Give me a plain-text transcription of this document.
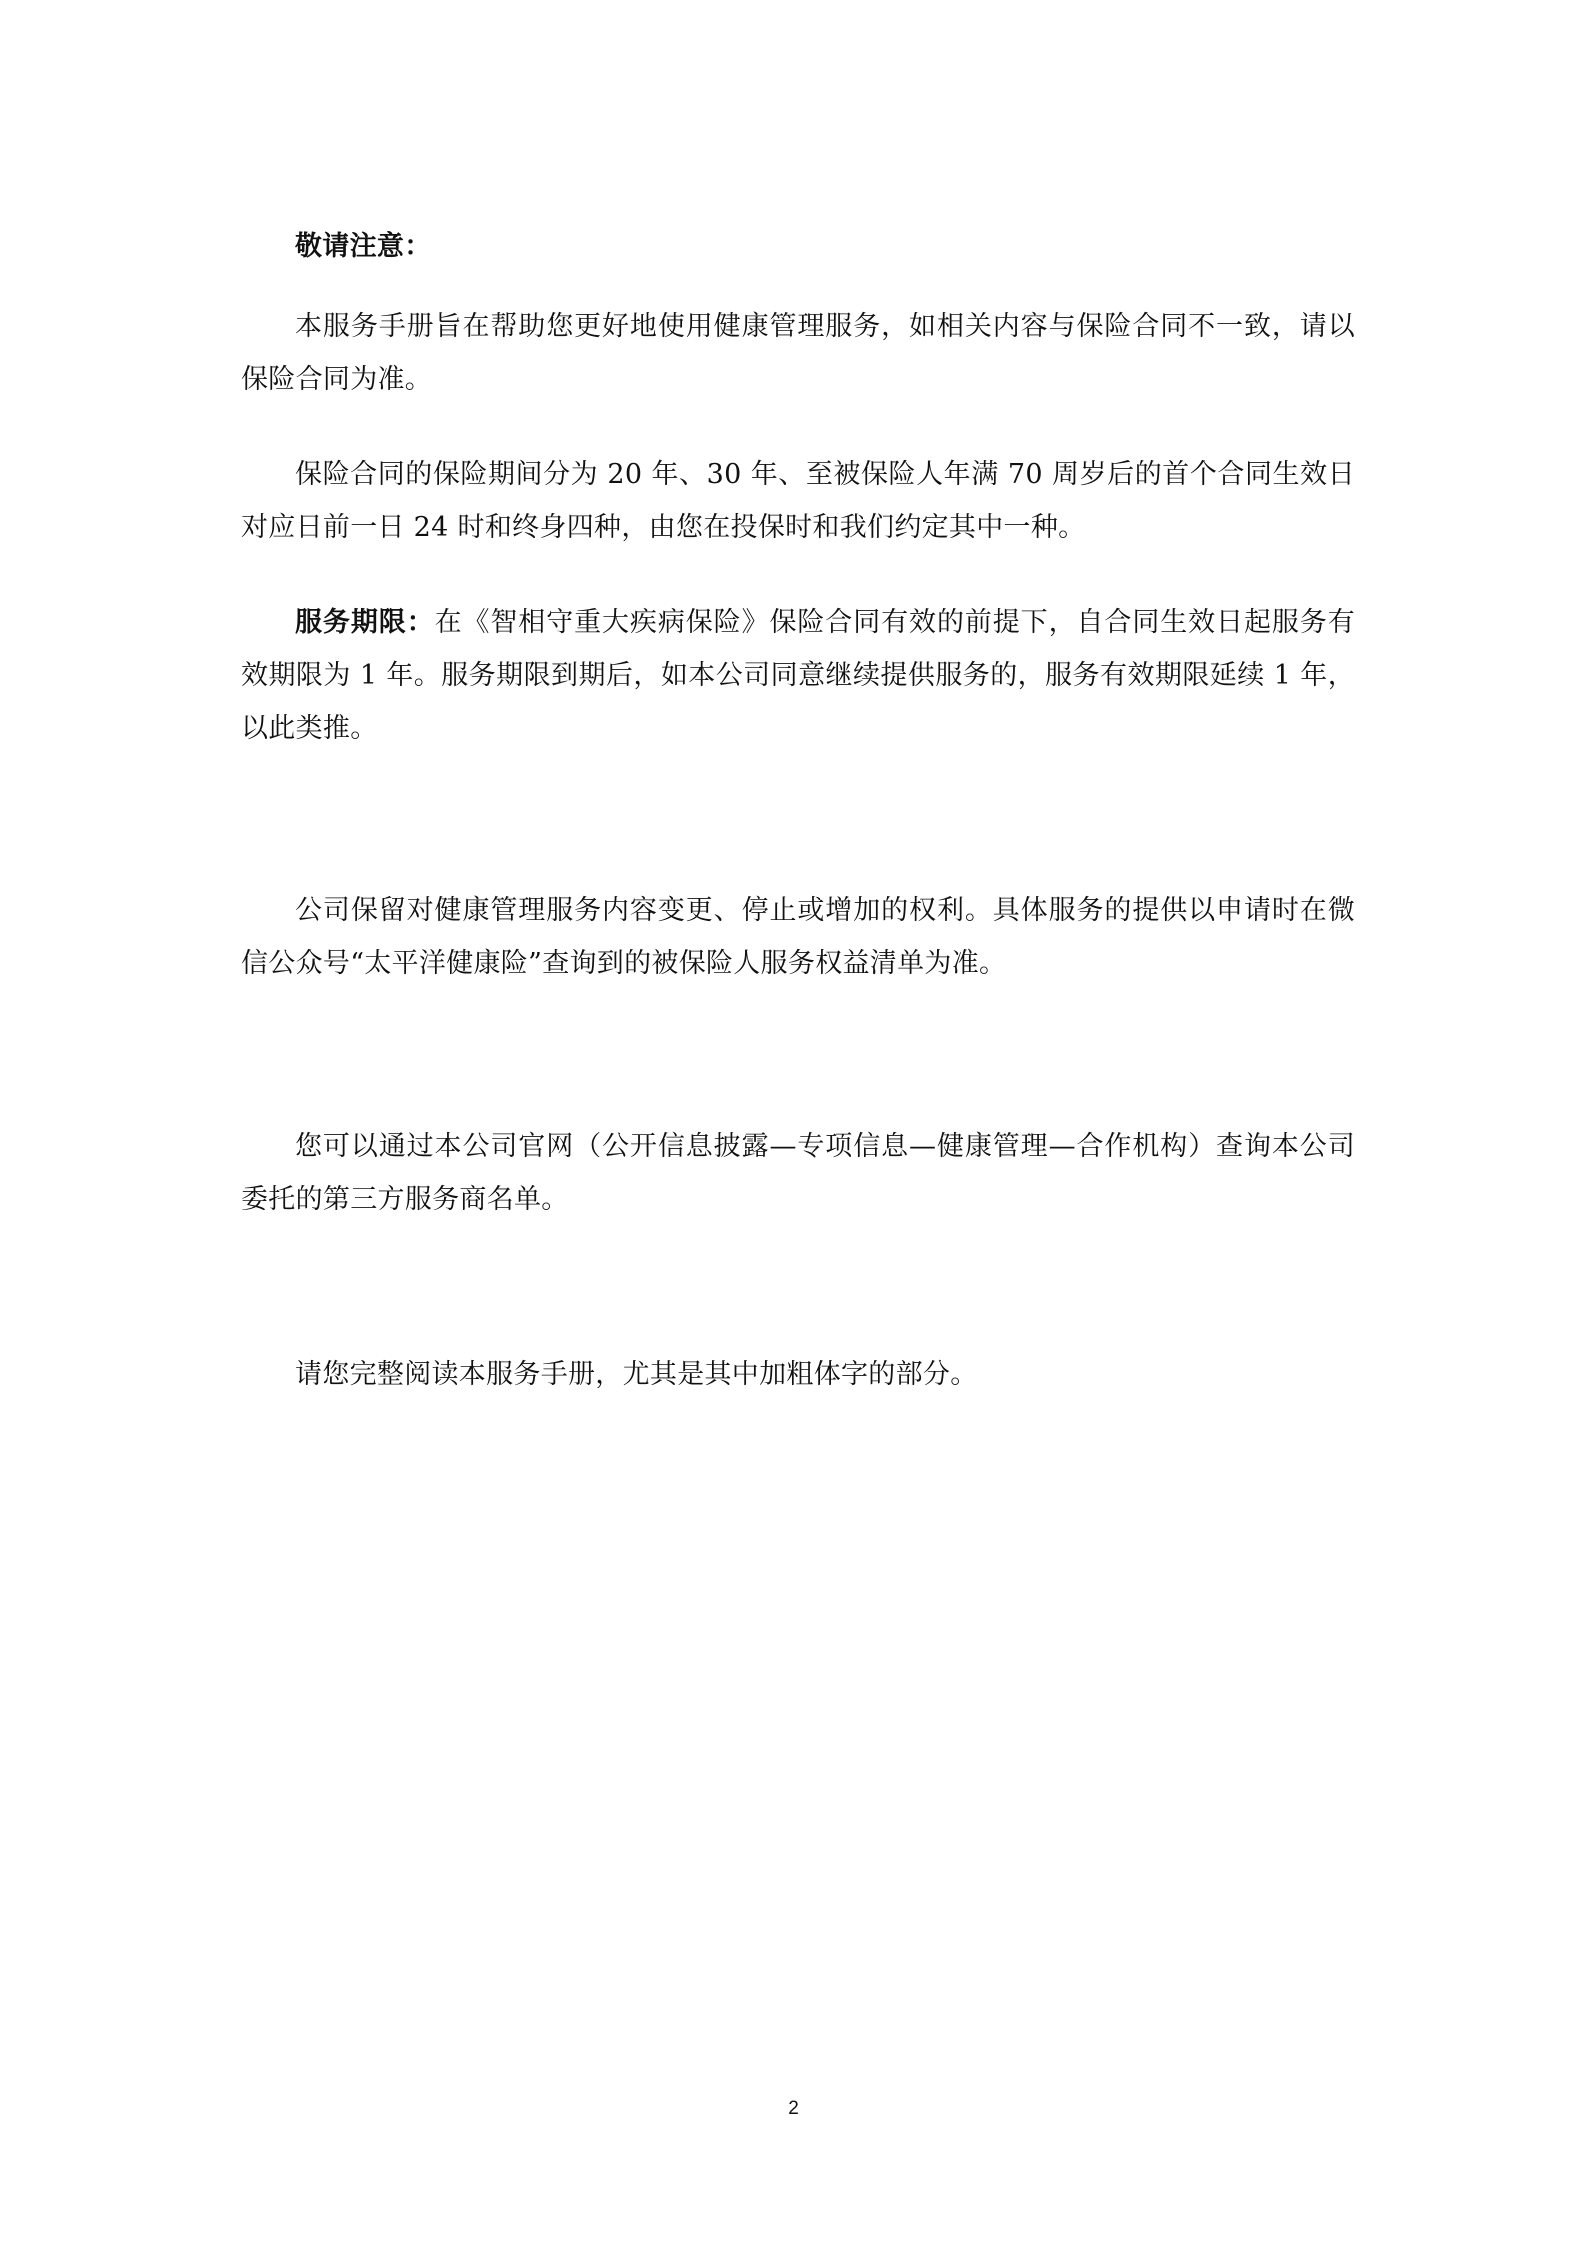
敬请注意：

本服务手册旨在帮助您更好地使用健康管理服务，如相关内容与保险合同不一致，请以保险合同为准。

保险合同的保险期间分为 20 年、30 年、至被保险人年满 70 周岁后的首个合同生效日对应日前一日 24 时和终身四种，由您在投保时和我们约定其中一种。

服务期限：在《智相守重大疾病保险》保险合同有效的前提下，自合同生效日起服务有效期限为 1 年。服务期限到期后，如本公司同意继续提供服务的，服务有效期限延续 1 年，以此类推。

公司保留对健康管理服务内容变更、停止或增加的权利。具体服务的提供以申请时在微信公众号“太平洋健康险”查询到的被保险人服务权益清单为准。

您可以通过本公司官网（公开信息披露—专项信息—健康管理—合作机构）查询本公司委托的第三方服务商名单。

请您完整阅读本服务手册，尤其是其中加粗体字的部分。

2
